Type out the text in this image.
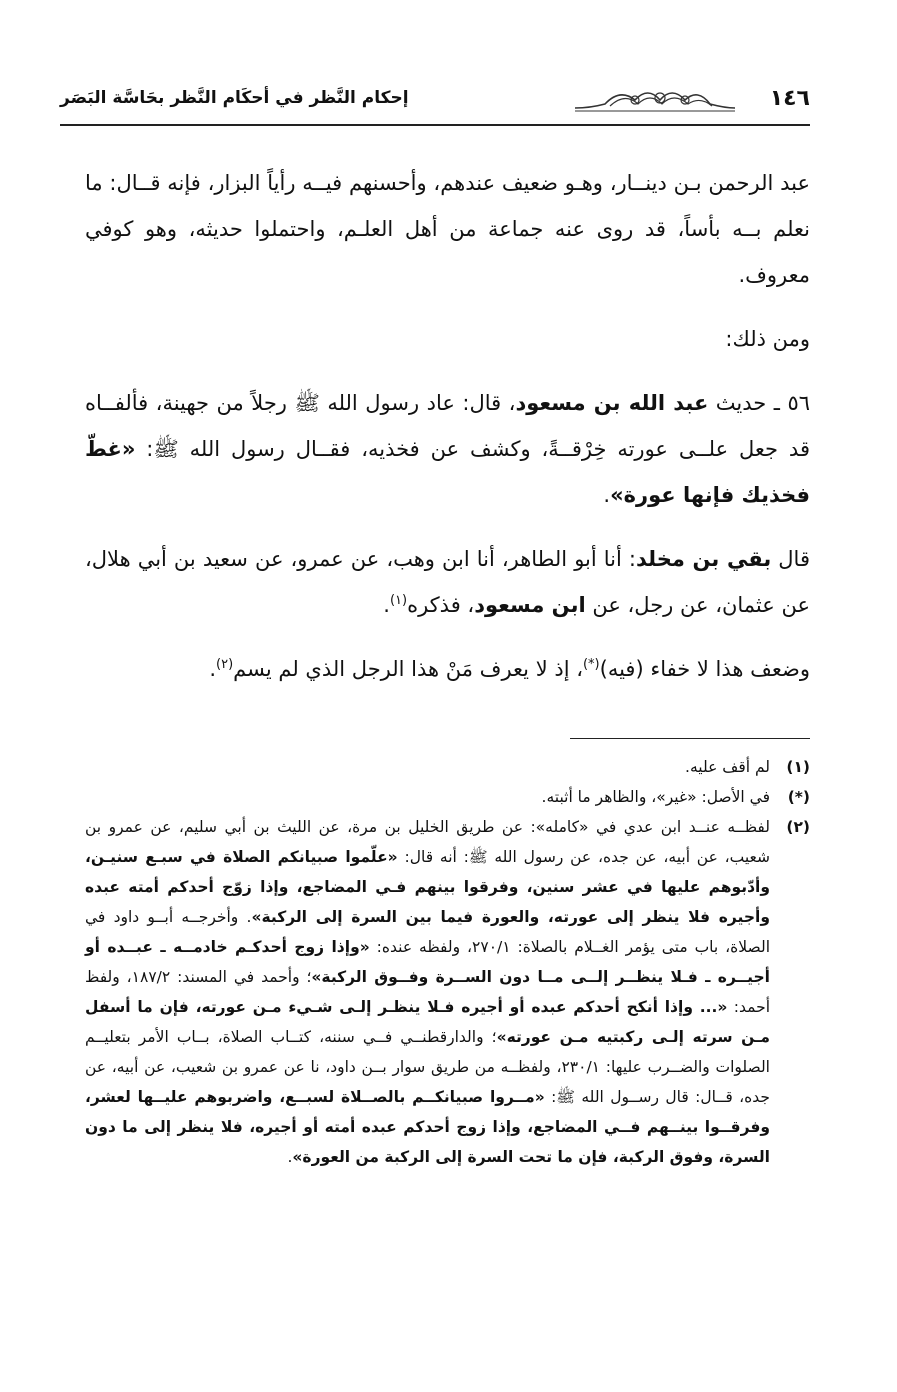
١٤٦
إحكام النَّظر في أحكَام النَّظر بحَاسَّة البَصَر

عبد الرحمن بـن دينــار، وهـو ضعيف عندهم، وأحسنهم فيــه رأياً البزار، فإنه قــال: ما نعلم بــه بأساً، قد روى عنه جماعة من أهل العلـم، واحتملوا حديثه، وهو كوفي معروف.

ومن ذلك:

٥٦ ـ حديث عبد الله بن مسعود، قال: عاد رسول الله ﷺ رجلاً من جهينة، فألفــاه قد جعل علــى عورته خِرْقــةً، وكشف عن فخذيه، فقــال رسول الله ﷺ: «غطّ فخذيك فإنها عورة».

قال بقي بن مخلد: أنا أبو الطاهر، أنا ابن وهب، عن عمرو، عن سعيد بن أبي هلال، عن عثمان، عن رجل، عن ابن مسعود، فذكره$^{(١)}$.

وضعف هذا لا خفاء (فيه)(*)، إذ لا يعرف مَنْ هذا الرجل الذي لم يسم$^{(٢)}$.

(١)
لم أقف عليه.
(*)
في الأصل: «غير»، والظاهر ما أثبته.
(٢)
لفظــه عنــد ابن عدي في «كامله»: عن طريق الخليل بن مرة، عن الليث بن أبي سليم، عن عمرو بن شعيب، عن أبيه، عن جده، عن رسول الله ﷺ: أنه قال: «علّموا صبيانكم الصلاة في سبـع سنيـن، وأدّبوهم عليها في عشر سنين، وفرقوا بينهم فـي المضاجع، وإذا زوّج أحدكم أمته عبده وأجيره فلا ينظر إلى عورته، والعورة فيما بين السرة إلى الركبة». وأخرجــه أبــو داود في الصلاة، باب متى يؤمر الغــلام بالصلاة: ٢٧٠/١، ولفظه عنده: «وإذا زوج أحدكـم خادمــه ـ عبــده أو أجيــره ـ فـلا ينظــر إلــى مــا دون الســرة وفــوق الركبة»؛ وأحمد في المسند: ١٨٧/٢، ولفظ أحمد: «... وإذا أنكح أحدكم عبده أو أجيره فـلا ينظـر إلـى شـيء مـن عورته، فإن ما أسفل مـن سرته إلـى ركبتيه مـن عورته»؛ والدارقطنــي فــي سننه، كتــاب الصلاة، بــاب الأمر بتعليــم الصلوات والضــرب عليها: ٢٣٠/١، ولفظــه من طريق سوار بــن داود، نا عن عمرو بن شعيب، عن أبيه، عن جده، قــال: قال رســول الله ﷺ: «مــروا صبيانكــم بالصــلاة لسبــع، واضربوهم عليــها لعشر، وفرقــوا بينــهم فــي المضاجع، وإذا زوج أحدكم عبده أمته أو أجيره، فلا ينظر إلى ما دون السرة، وفوق الركبة، فإن ما تحت السرة إلى الركبة من العورة».
